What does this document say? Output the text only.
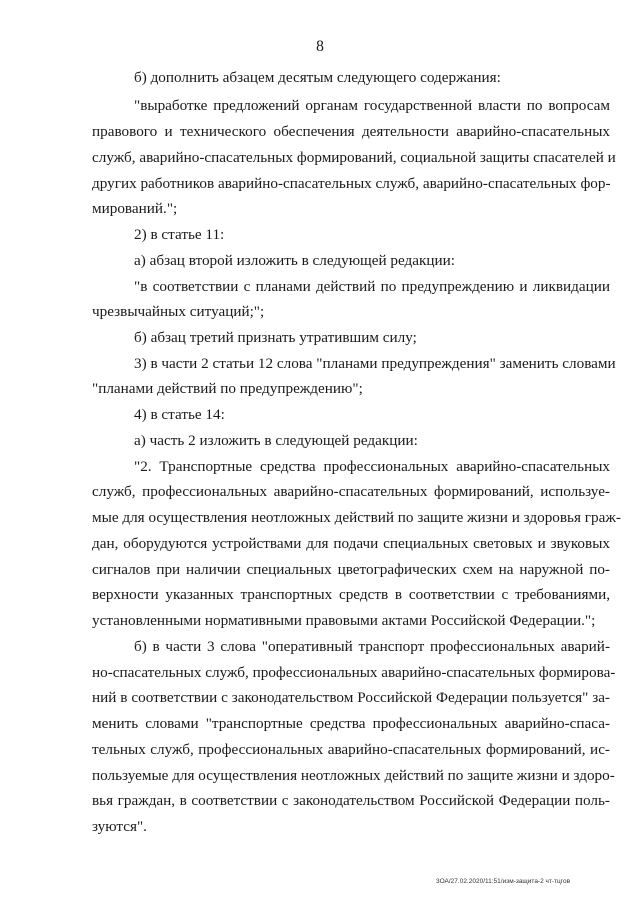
8
б) дополнить абзацем десятым следующего содержания:
"выработке предложений органам государственной власти по вопросам
правового и технического обеспечения деятельности аварийно-спасательных
служб, аварийно-спасательных формирований, социальной защиты спасателей и
других работников аварийно-спасательных служб, аварийно-спасательных фор-
мирований.";
2) в статье 11:
а) абзац второй изложить в следующей редакции:
"в соответствии с планами действий по предупреждению и ликвидации
чрезвычайных ситуаций;";
б) абзац третий признать утратившим силу;
3) в части 2 статьи 12 слова "планами предупреждения" заменить словами
"планами действий по предупреждению";
4) в статье 14:
а) часть 2 изложить в следующей редакции:
"2. Транспортные средства профессиональных аварийно-спасательных
служб, профессиональных аварийно-спасательных формирований, используе-
мые для осуществления неотложных действий по защите жизни и здоровья граж-
дан, оборудуются устройствами для подачи специальных световых и звуковых
сигналов при наличии специальных цветографических схем на наружной по-
верхности указанных транспортных средств в соответствии с требованиями,
установленными нормативными правовыми актами Российской Федерации.";
б) в части 3 слова "оперативный транспорт профессиональных аварий-
но-спасательных служб, профессиональных аварийно-спасательных формирова-
ний в соответствии с законодательством Российской Федерации пользуется" за-
менить словами "транспортные средства профессиональных аварийно-спаса-
тельных служб, профессиональных аварийно-спасательных формирований, ис-
пользуемые для осуществления неотложных действий по защите жизни и здоро-
вья граждан, в соответствии с законодательством Российской Федерации поль-
зуются".
3ОА/27.02.2020/11:51/изм-защита-2 чт-тцгов
